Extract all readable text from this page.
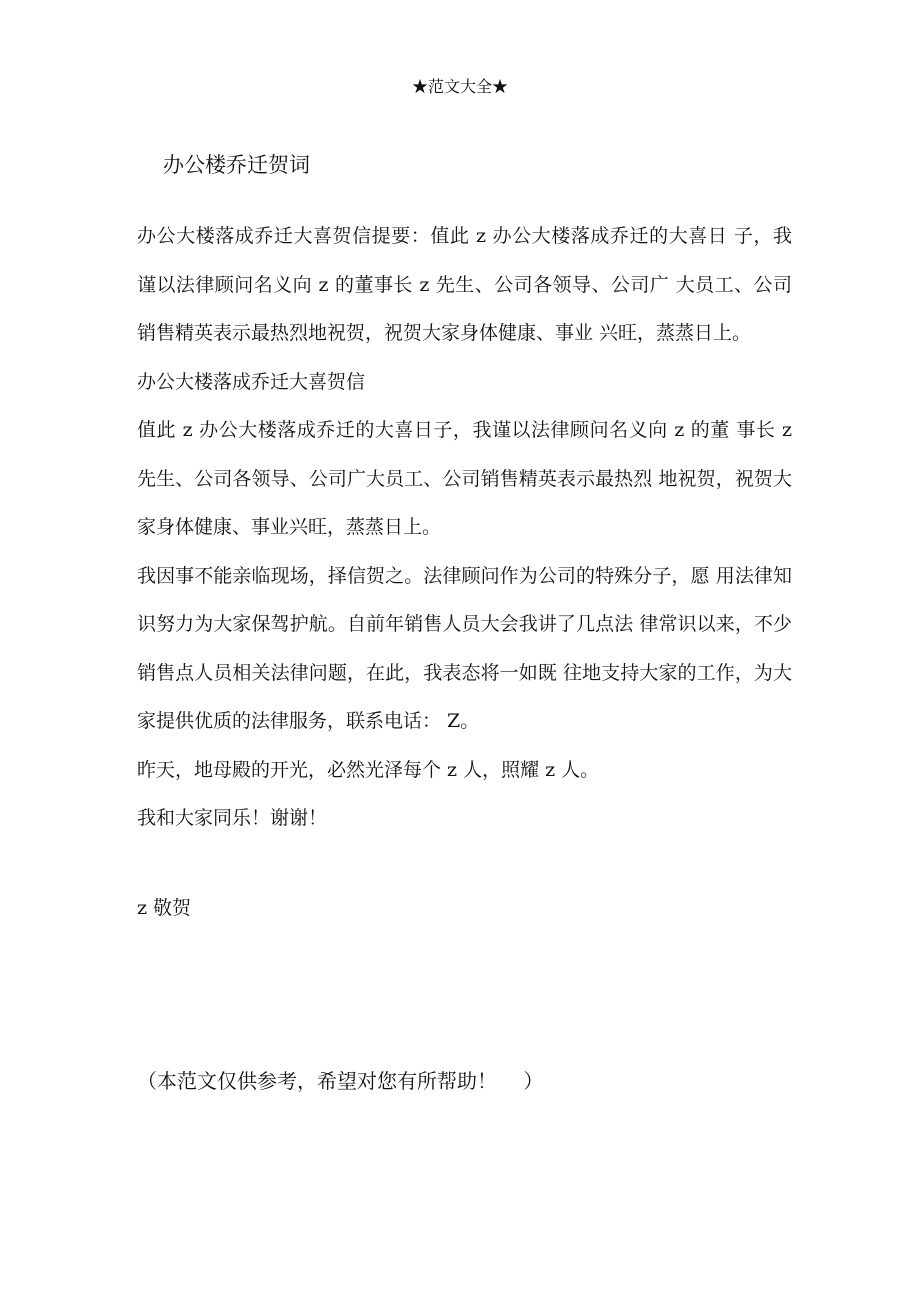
★范文大全★
办公楼乔迁贺词

办公大楼落成乔迁大喜贺信提要：值此 z 办公大楼落成乔迁的大喜日 子，我谨以法律顾问名义向 z 的董事长 z 先生、公司各领导、公司广 大员工、公司销售精英表示最热烈地祝贺，祝贺大家身体健康、事业 兴旺，蒸蒸日上。

办公大楼落成乔迁大喜贺信

值此 z 办公大楼落成乔迁的大喜日子，我谨以法律顾问名义向 z 的董 事长 z 先生、公司各领导、公司广大员工、公司销售精英表示最热烈 地祝贺，祝贺大家身体健康、事业兴旺，蒸蒸日上。

我因事不能亲临现场，择信贺之。法律顾问作为公司的特殊分子，愿 用法律知识努力为大家保驾护航。自前年销售人员大会我讲了几点法 律常识以来，不少销售点人员相关法律问题，在此，我表态将一如既 往地支持大家的工作，为大家提供优质的法律服务，联系电话： Z。

昨天，地母殿的开光，必然光泽每个 z 人，照耀 z 人。

我和大家同乐！谢谢！

z 敬贺
（本范文仅供参考，希望对您有所帮助！　 ）
